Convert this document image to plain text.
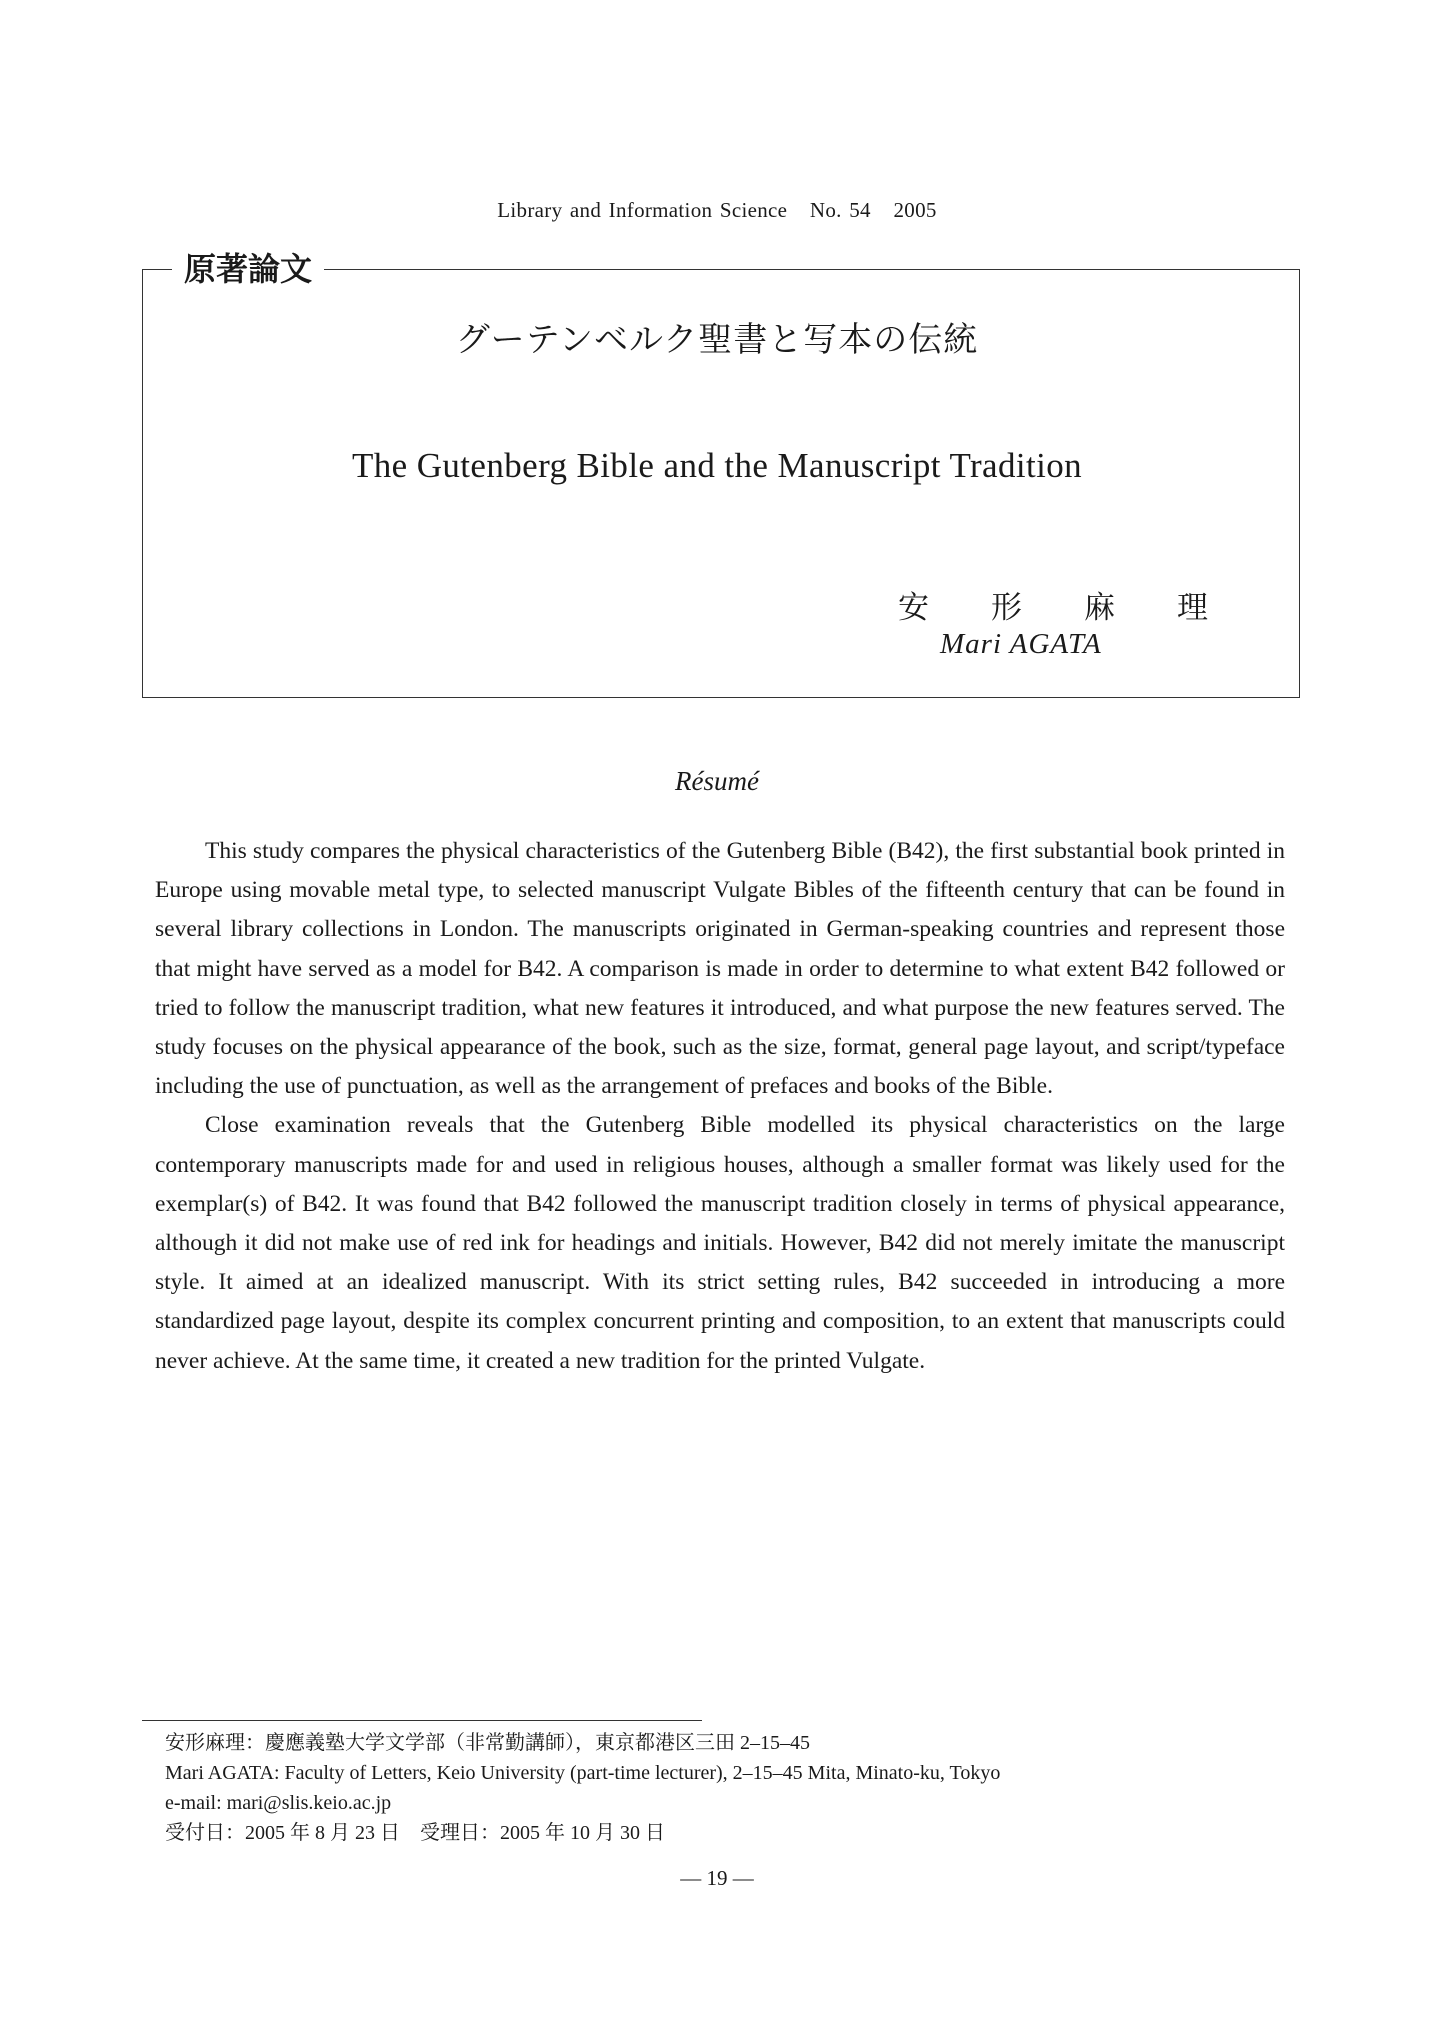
Library and Information Science   No. 54   2005
原著論文
グーテンベルク聖書と写本の伝統
The Gutenberg Bible and the Manuscript Tradition
安 形 麻 理
Mari AGATA
Résumé

This study compares the physical characteristics of the Gutenberg Bible (B42), the first substantial book printed in Europe using movable metal type, to selected manuscript Vulgate Bibles of the fifteenth century that can be found in several library collections in London. The manuscripts originated in German-speaking countries and represent those that might have served as a model for B42. A comparison is made in order to determine to what extent B42 followed or tried to follow the manuscript tradition, what new features it introduced, and what purpose the new features served. The study focuses on the physical appearance of the book, such as the size, format, general page layout, and script/typeface including the use of punctuation, as well as the arrangement of prefaces and books of the Bible.

Close examination reveals that the Gutenberg Bible modelled its physical characteristics on the large contemporary manuscripts made for and used in religious houses, although a smaller format was likely used for the exemplar(s) of B42. It was found that B42 followed the manuscript tradition closely in terms of physical appearance, although it did not make use of red ink for headings and initials. However, B42 did not merely imitate the manuscript style. It aimed at an idealized manuscript. With its strict setting rules, B42 succeeded in introducing a more standardized page layout, despite its complex concurrent printing and composition, to an extent that manuscripts could never achieve. At the same time, it created a new tradition for the printed Vulgate.

安形麻理：慶應義塾大学文学部（非常勤講師），東京都港区三田 2–15–45
Mari AGATA: Faculty of Letters, Keio University (part-time lecturer), 2–15–45 Mita, Minato-ku, Tokyo
e-mail: mari@slis.keio.ac.jp
受付日：2005 年 8 月 23 日　受理日：2005 年 10 月 30 日
— 19 —
